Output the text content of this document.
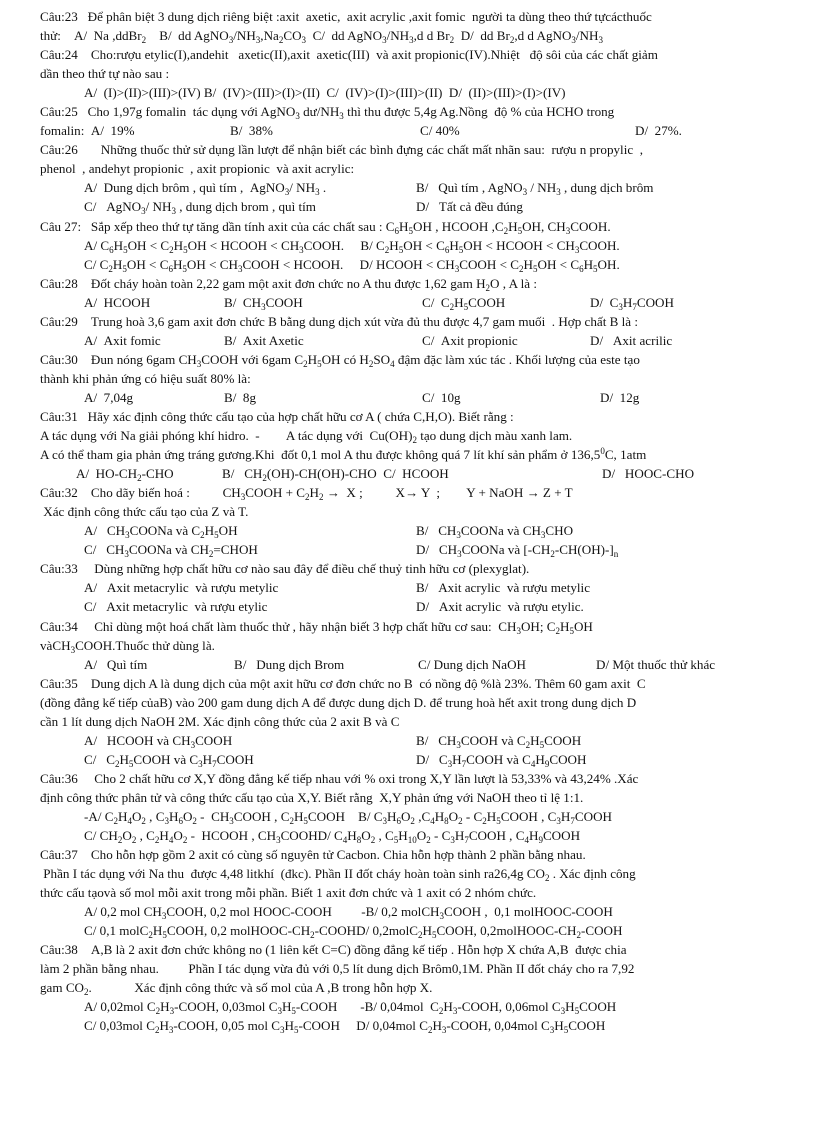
Câu:23   Để phân biệt 3 dung dịch riêng biệt :axit  axetic,  axit acrylic ,axit fomic  người ta dùng theo thứ tựcácthuốc
thử:    A/  Na ,ddBr$_2$    B/  dd $AgNO_3/NH_3,Na_2CO_3$  C/  dd $AgNO_3/NH_3,d$ d $Br_2$  D/  dd $Br_2,d$ d $AgNO_3/NH_3$
Câu:24    Cho:rượu etylic(I),andehit   axetic(II),axit  axetic(III)  và axit propionic(IV).Nhiệt   độ sôi của các chất giảm
dần theo thứ tự nào sau :
A/  (I)>(II)>(III)>(IV) B/  (IV)>(III)>(I)>(II)  C/  (IV)>(I)>(III)>(II)  D/  (II)>(III)>(I)>(IV)
Câu:25   Cho 1,97g fomalin  tác dụng với AgNO$_3$ $dư/NH_3$ thì thu được 5,4g Ag.Nồng  độ % của HCHO trong
fomalin:  A/  19%	B/  38%	C/ 40%	D/  27%.
Câu:26       Những thuốc thử sử dụng lần lượt để nhận biết các bình đựng các chất mất nhãn sau:  rượu n propylic  ,
phenol  , andehyt propionic  , axit propionic  và axit acrylic:
A/  Dung dịch brôm , quì tím ,  AgNO$_3$/ $NH_3$ .	B/   Quì tím , AgNO$_3$ / $NH_3$ , dung dịch brôm
C/   AgNO$_3$/ $NH_3$ , dung dịch brom , quì tím	D/   Tất cả đều đúng
Câu 27:   Sắp xếp theo thứ tự tăng dần tính axit của các chất sau : $C_6H_5OH$ , HCOOH $,C_2H_5OH$, $CH_3COOH$.
A/ $C_6H_5OH < C_2H_5OH$ < HCOOH < $CH_3COOH$.     B/ $C_2H_5OH < C_6H_5OH$ < HCOOH < $CH_3COOH$.
C/ $C_2H_5OH < C_6H_5OH$ < $CH_3COOH$ < HCOOH.     D/ HCOOH < $CH_3COOH < C_2H_5OH < C_6H_5OH$.
Câu:28    Đốt cháy hoàn toàn 2,22 gam một axit đơn chức no A thu được 1,62 gam $H_2O$ , A là :
A/  HCOOH	B/  $CH_3COOH$	C/  $C_2H_5COOH$	D/  $C_3H_7COOH$
Câu:29    Trung hoà 3,6 gam axit đơn chức B bằng dung dịch xút vừa đủ thu được 4,7 gam muối  . Hợp chất B là :
A/  Axit fomic	B/  Axit Axetic	C/  Axit propionic	D/   Axit acrilic
Câu:30    Đun nóng 6gam $CH_3COOH$ với 6gam $C_2H_5OH$ có $H_2SO_4$ đậm đặc làm xúc tác . Khối lượng của este tạo
thành khi phản ứng có hiệu suất 80% là:
A/  7,04g	B/  8g	C/  10g	D/  12g
Câu:31   Hãy xác định công thức cấu tạo của hợp chất hữu cơ A ( chứa C,H,O). Biết rằng :
A tác dụng với Na giải phóng khí hidro.  -        A tác dụng với  $Cu(OH)_2$ tạo dung dịch màu xanh lam.
A có thể tham gia phản ứng tráng gương.Khi  đốt 0,1 mol A thu được không quá 7 lít khí sản phẩm ở 136,5$^0$C, 1atm
A/  $HO-CH_2$-CHO	B/   $CH_2(OH)-CH(OH)$-CHO  C/  HCOOH	D/   HOOC-CHO
Câu:32    Cho dãy biến hoá :          $CH_3COOH + C_2H_2 \to X$ ;          X→ Y  ;        Y + NaOH → Z + T
Xác định công thức cấu tạo của Z và T.
A/   $CH_3COONa$ và $C_2H_5OH$	B/   $CH_3COONa$ và $CH_3CHO$
C/   $CH_3COONa$ và $CH_2=CHOH$	D/   $CH_3COONa$ và $[-CH_2-CH(OH)-]_n$
Câu:33     Dùng những hợp chất hữu cơ nào sau đây để điều chế thuỷ tinh hữu cơ (plexyglat).
A/   Axit metacrylic  và rượu metylic	B/   Axit acrylic  và rượu metylic
C/   Axit metacrylic  và rượu etylic	D/   Axit acrylic  và rượu etylic.
Câu:34     Chỉ dùng một hoá chất làm thuốc thử , hãy nhận biết 3 hợp chất hữu cơ sau:  $CH_3OH$; $C_2H_5OH$
vàCH$_3$COOH.Thuốc thử dùng là.
A/   Quì tím	B/   Dung dịch Brom	C/ Dung dịch NaOH	D/ Một thuốc thử khác
Câu:35    Dung dịch A là dung dịch của một axit hữu cơ đơn chức no B  có nồng độ %là 23%. Thêm 60 gam axit  C
(đồng đẳng kế tiếp củaB) vào 200 gam dung dịch A để được dung dịch D. để trung hoà hết axit trong dung dịch D
cần 1 lít dung dịch NaOH 2M. Xác định công thức của 2 axit B và C
A/   HCOOH và $CH_3COOH$	B/   $CH_3COOH$ và $C_2H_5COOH$
C/   $C_2H_5COOH$ và $C_3H_7COOH$	D/   $C_3H_7COOH$ và $C_4H_9COOH$
Câu:36     Cho 2 chất hữu cơ X,Y đồng đẳng kế tiếp nhau với % oxi trong X,Y lần lượt là 53,33% và 43,24% .Xác
định công thức phân tử và công thức cấu tạo của X,Y. Biết rằng  X,Y phản ứng với NaOH theo tỉ lệ 1:1.
-A/ $C_2H_4O_2$ , $C_3H_6O_2$ -  $CH_3COOH$ , $C_2H_5COOH$    B/ $C_3H_6O_2$ $,C_4H_8O_2$ - $C_2H_5COOH$ , $C_3H_7COOH$
C/ $CH_2O_2$ , $C_2H_4O_2$ -  HCOOH , $CH_3COOHD/$ $C_4H_8O_2$ , $C_5H_{10}O_2$ - $C_3H_7COOH$ , $C_4H_9COOH$
Câu:37    Cho hỗn hợp gồm 2 axit có cùng số nguyên tử Cacbon. Chia hỗn hợp thành 2 phần bằng nhau.
Phần I tác dụng với Na thu  được 4,48 litkhí  (đkc). Phần II đốt cháy hoàn toàn sinh ra26,4g $CO_2$ . Xác định công
thức cấu tạovà số mol mỗi axit trong mỗi phần. Biết 1 axit đơn chức và 1 axit có 2 nhóm chức.
A/ 0,2 mol $CH_3COOH$, 0,2 mol HOOC-COOH         -B/ 0,2 molCH$_3$COOH ,  0,1 molHOOC-COOH
C/ 0,1 $molC_2H_5COOH$, 0,2 molHOOC-$CH_2-COOHD/$ $0,2molC_2H_5COOH$, $0,2molHOOC-CH_2$-COOH
Câu:38    A,B là 2 axit đơn chức không no (1 liên kết C=C) đồng đẳng kế tiếp . Hỗn hợp X chứa A,B  được chia
làm 2 phần bằng nhau.         Phần I tác dụng vừa đủ với 0,5 lít dung dịch Brôm0,1M. Phần II đốt cháy cho ra 7,92
gam $CO_2$.             Xác định công thức và số mol của A ,B trong hỗn hợp X.
A/ 0,02mol $C_2H_3$-COOH, 0,03mol $C_3H_5$-COOH       -B/ 0,04mol  $C_2H_3$-COOH, 0,06mol $C_3H_5COOH$
C/ 0,03mol $C_2H_3$-COOH, 0,05 mol $C_3H_5$-COOH     D/ 0,04mol $C_2H_3$-COOH, 0,04mol $C_3H_5COOH$
